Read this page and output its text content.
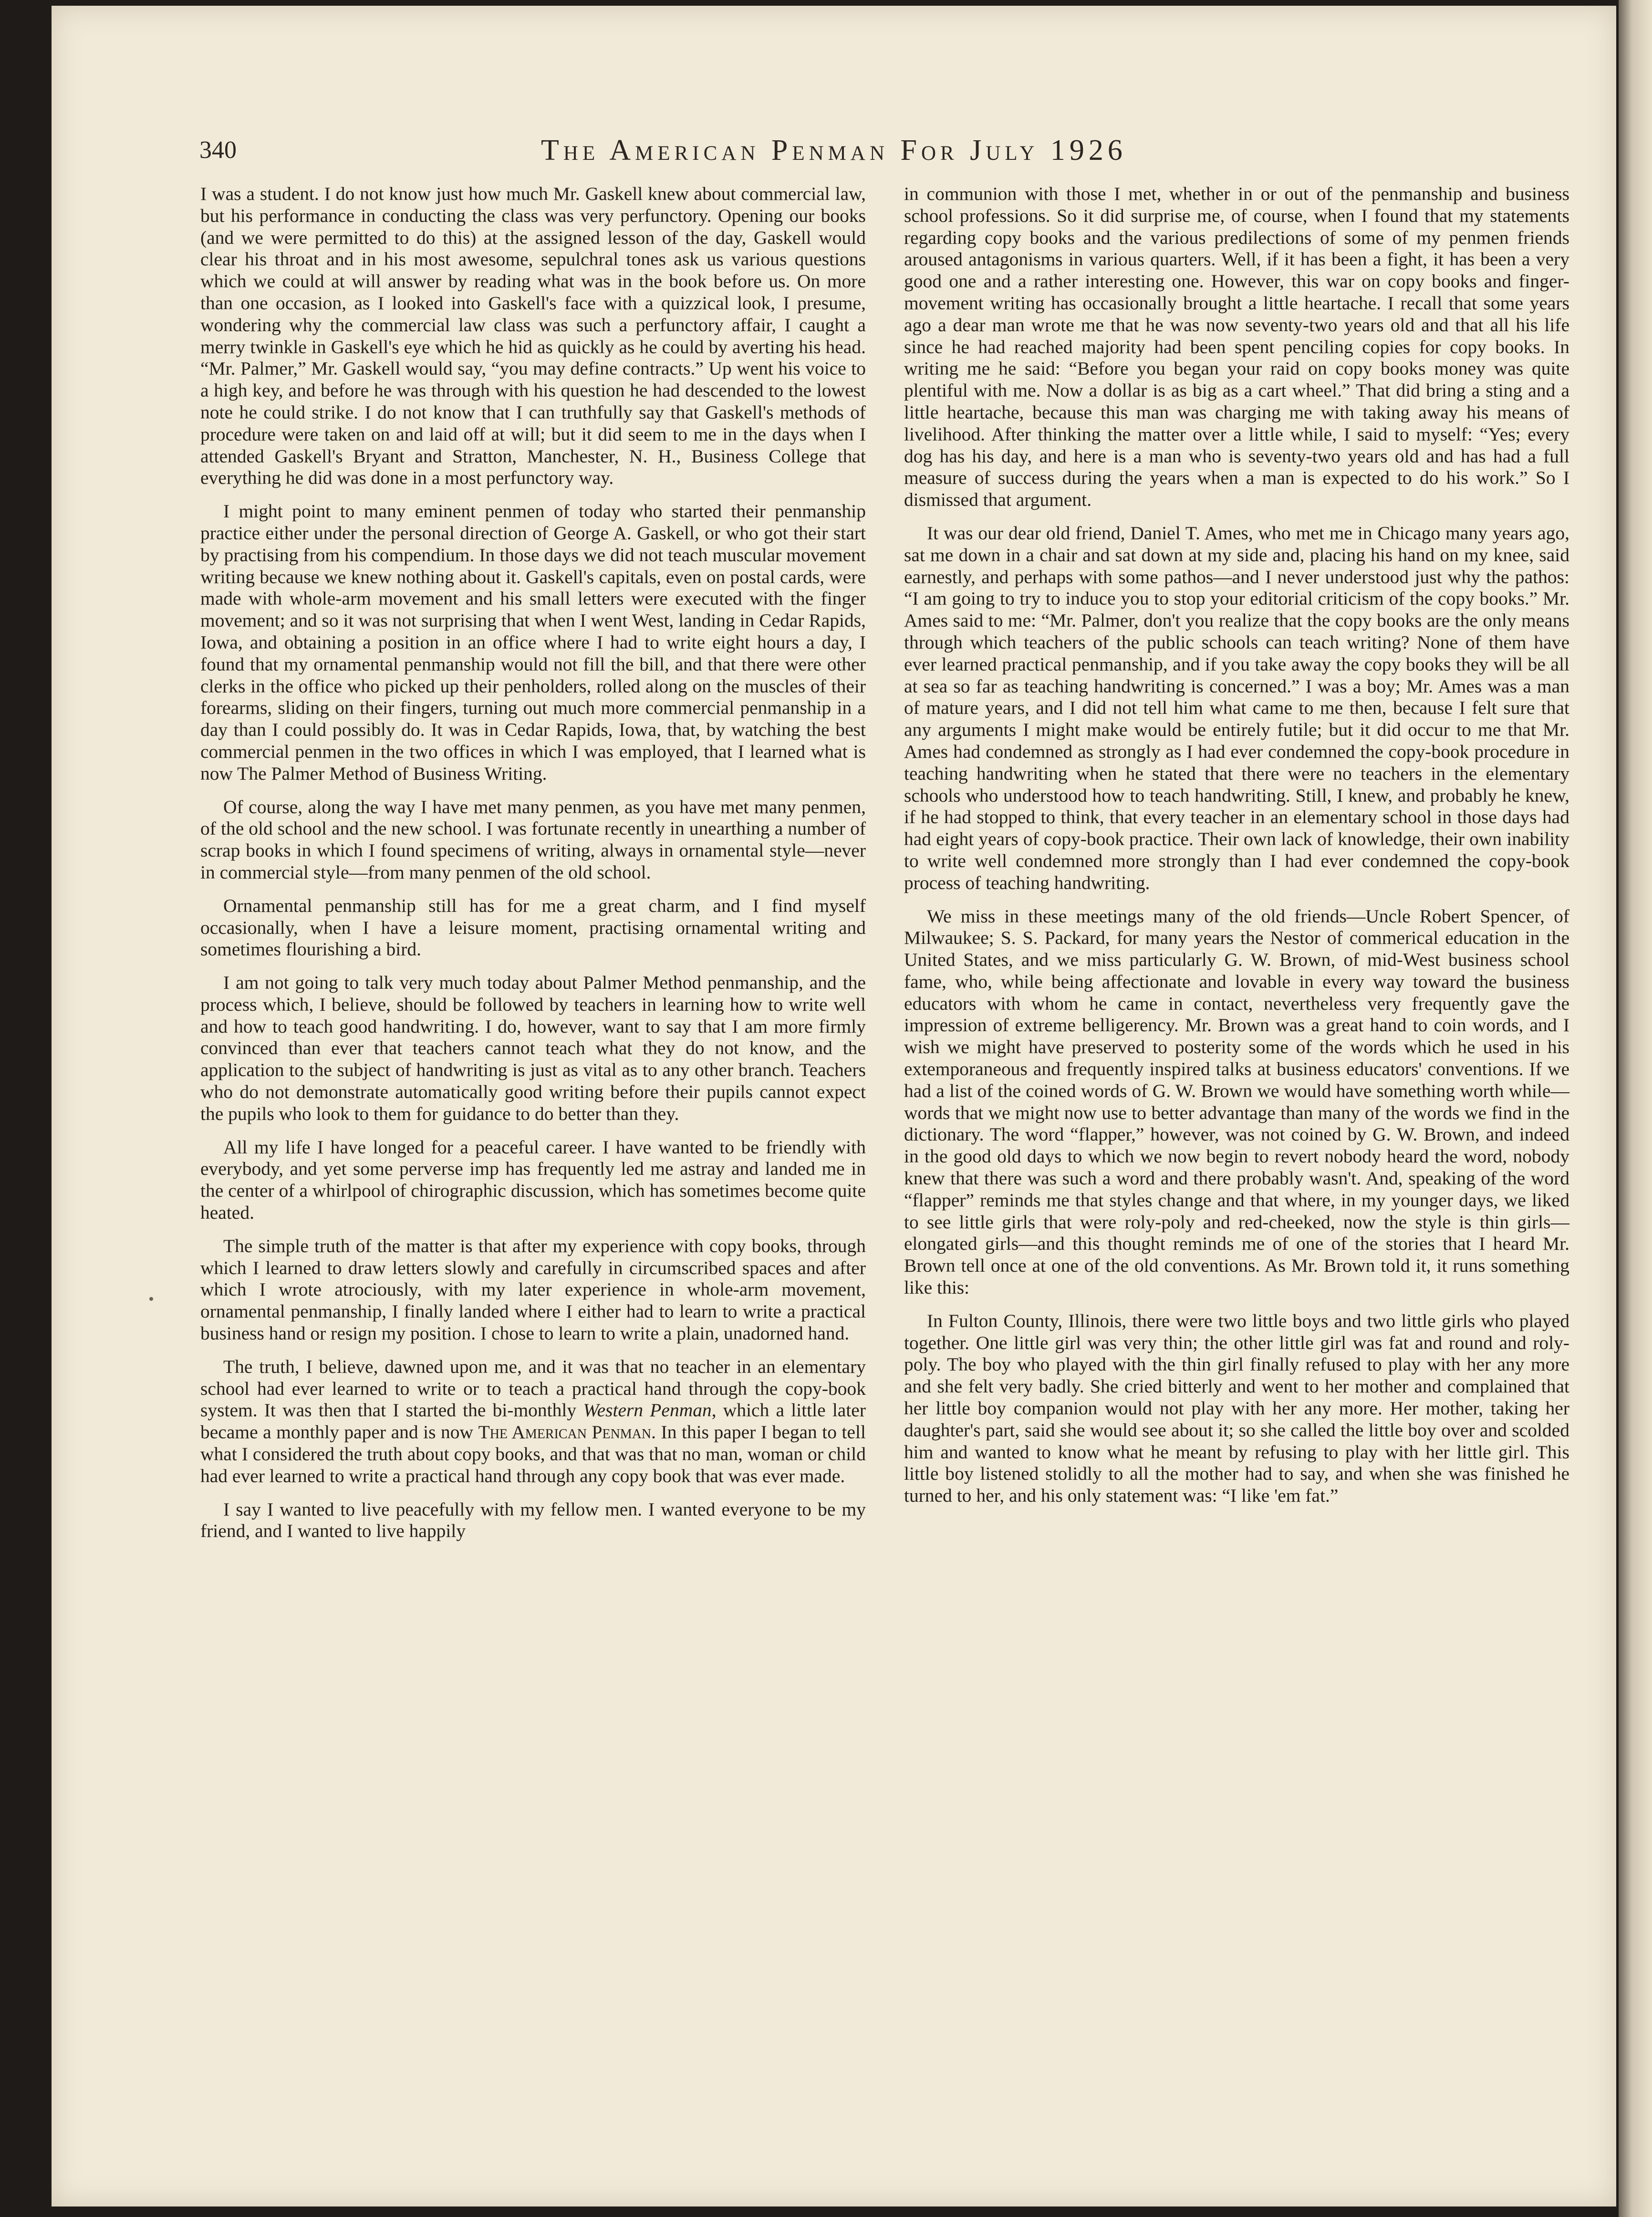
340	The American Penman For July 1926

I was a student. I do not know just how much Mr. Gaskell knew about commercial law, but his performance in conducting the class was very perfunctory. Opening our books (and we were permitted to do this) at the assigned lesson of the day, Gaskell would clear his throat and in his most awesome, sepulchral tones ask us various questions which we could at will answer by reading what was in the book before us. On more than one occasion, as I looked into Gaskell's face with a quizzical look, I presume, wondering why the commercial law class was such a perfunctory affair, I caught a merry twinkle in Gaskell's eye which he hid as quickly as he could by averting his head. “Mr. Palmer,” Mr. Gaskell would say, “you may define contracts.” Up went his voice to a high key, and before he was through with his question he had descended to the lowest note he could strike. I do not know that I can truthfully say that Gaskell's methods of procedure were taken on and laid off at will; but it did seem to me in the days when I attended Gaskell's Bryant and Stratton, Manchester, N. H., Business College that everything he did was done in a most perfunctory way.

I might point to many eminent penmen of today who started their penmanship practice either under the personal direction of George A. Gaskell, or who got their start by practising from his compendium. In those days we did not teach muscular movement writing because we knew nothing about it. Gaskell's capitals, even on postal cards, were made with whole-arm movement and his small letters were executed with the finger movement; and so it was not surprising that when I went West, landing in Cedar Rapids, Iowa, and obtaining a position in an office where I had to write eight hours a day, I found that my ornamental penmanship would not fill the bill, and that there were other clerks in the office who picked up their penholders, rolled along on the muscles of their forearms, sliding on their fingers, turning out much more commercial penmanship in a day than I could possibly do. It was in Cedar Rapids, Iowa, that, by watching the best commercial penmen in the two offices in which I was employed, that I learned what is now The Palmer Method of Business Writing.

Of course, along the way I have met many penmen, as you have met many penmen, of the old school and the new school. I was fortunate recently in unearthing a number of scrap books in which I found specimens of writing, always in ornamental style—never in commercial style—from many penmen of the old school.

Ornamental penmanship still has for me a great charm, and I find myself occasionally, when I have a leisure moment, practising ornamental writing and sometimes flourishing a bird.

I am not going to talk very much today about Palmer Method penmanship, and the process which, I believe, should be followed by teachers in learning how to write well and how to teach good handwriting. I do, however, want to say that I am more firmly convinced than ever that teachers cannot teach what they do not know, and the application to the subject of handwriting is just as vital as to any other branch. Teachers who do not demonstrate automatically good writing before their pupils cannot expect the pupils who look to them for guidance to do better than they.

All my life I have longed for a peaceful career. I have wanted to be friendly with everybody, and yet some perverse imp has frequently led me astray and landed me in the center of a whirlpool of chirographic discussion, which has sometimes become quite heated.

The simple truth of the matter is that after my experience with copy books, through which I learned to draw letters slowly and carefully in circumscribed spaces and after which I wrote atrociously, with my later experience in whole-arm movement, ornamental penmanship, I finally landed where I either had to learn to write a practical business hand or resign my position. I chose to learn to write a plain, unadorned hand.

The truth, I believe, dawned upon me, and it was that no teacher in an elementary school had ever learned to write or to teach a practical hand through the copy-book system. It was then that I started the bi-monthly Western Penman, which a little later became a monthly paper and is now The American Penman. In this paper I began to tell what I considered the truth about copy books, and that was that no man, woman or child had ever learned to write a practical hand through any copy book that was ever made.

I say I wanted to live peacefully with my fellow men. I wanted everyone to be my friend, and I wanted to live happily

in communion with those I met, whether in or out of the penmanship and business school professions. So it did surprise me, of course, when I found that my statements regarding copy books and the various predilections of some of my penmen friends aroused antagonisms in various quarters. Well, if it has been a fight, it has been a very good one and a rather interesting one. However, this war on copy books and finger-movement writing has occasionally brought a little heartache. I recall that some years ago a dear man wrote me that he was now seventy-two years old and that all his life since he had reached majority had been spent penciling copies for copy books. In writing me he said: “Before you began your raid on copy books money was quite plentiful with me. Now a dollar is as big as a cart wheel.” That did bring a sting and a little heartache, because this man was charging me with taking away his means of livelihood. After thinking the matter over a little while, I said to myself: “Yes; every dog has his day, and here is a man who is seventy-two years old and has had a full measure of success during the years when a man is expected to do his work.” So I dismissed that argument.

It was our dear old friend, Daniel T. Ames, who met me in Chicago many years ago, sat me down in a chair and sat down at my side and, placing his hand on my knee, said earnestly, and perhaps with some pathos—and I never understood just why the pathos: “I am going to try to induce you to stop your editorial criticism of the copy books.” Mr. Ames said to me: “Mr. Palmer, don't you realize that the copy books are the only means through which teachers of the public schools can teach writing? None of them have ever learned practical penmanship, and if you take away the copy books they will be all at sea so far as teaching handwriting is concerned.” I was a boy; Mr. Ames was a man of mature years, and I did not tell him what came to me then, because I felt sure that any arguments I might make would be entirely futile; but it did occur to me that Mr. Ames had condemned as strongly as I had ever condemned the copy-book procedure in teaching handwriting when he stated that there were no teachers in the elementary schools who understood how to teach handwriting. Still, I knew, and probably he knew, if he had stopped to think, that every teacher in an elementary school in those days had had eight years of copy-book practice. Their own lack of knowledge, their own inability to write well condemned more strongly than I had ever condemned the copy-book process of teaching handwriting.

We miss in these meetings many of the old friends—Uncle Robert Spencer, of Milwaukee; S. S. Packard, for many years the Nestor of commerical education in the United States, and we miss particularly G. W. Brown, of mid-West business school fame, who, while being affectionate and lovable in every way toward the business educators with whom he came in contact, nevertheless very frequently gave the impression of extreme belligerency. Mr. Brown was a great hand to coin words, and I wish we might have preserved to posterity some of the words which he used in his extemporaneous and frequently inspired talks at business educators' conventions. If we had a list of the coined words of G. W. Brown we would have something worth while—words that we might now use to better advantage than many of the words we find in the dictionary. The word “flapper,” however, was not coined by G. W. Brown, and indeed in the good old days to which we now begin to revert nobody heard the word, nobody knew that there was such a word and there probably wasn't. And, speaking of the word “flapper” reminds me that styles change and that where, in my younger days, we liked to see little girls that were roly-poly and red-cheeked, now the style is thin girls—elongated girls—and this thought reminds me of one of the stories that I heard Mr. Brown tell once at one of the old conventions. As Mr. Brown told it, it runs something like this:

In Fulton County, Illinois, there were two little boys and two little girls who played together. One little girl was very thin; the other little girl was fat and round and roly-poly. The boy who played with the thin girl finally refused to play with her any more and she felt very badly. She cried bitterly and went to her mother and complained that her little boy companion would not play with her any more. Her mother, taking her daughter's part, said she would see about it; so she called the little boy over and scolded him and wanted to know what he meant by refusing to play with her little girl. This little boy listened stolidly to all the mother had to say, and when she was finished he turned to her, and his only statement was: “I like 'em fat.”
